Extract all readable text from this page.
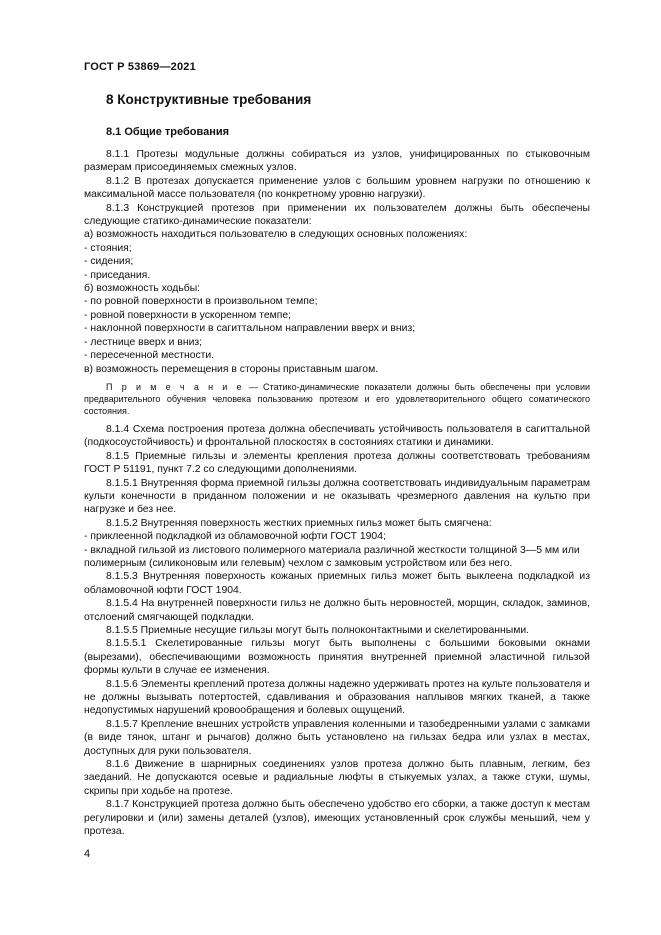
ГОСТ Р 53869—2021
8 Конструктивные требования
8.1 Общие требования

8.1.1 Протезы модульные должны собираться из узлов, унифицированных по стыковочным размерам присоединяемых смежных узлов.

8.1.2 В протезах допускается применение узлов с большим уровнем нагрузки по отношению к максимальной массе пользователя (по конкретному уровню нагрузки).

8.1.3 Конструкцией протезов при применении их пользователем должны быть обеспечены следующие статико-динамические показатели:

а) возможность находиться пользователю в следующих основных положениях:

- стояния;

- сидения;

- приседания.

б) возможность ходьбы:

- по ровной поверхности в произвольном темпе;

- ровной поверхности в ускоренном темпе;

- наклонной поверхности в сагиттальном направлении вверх и вниз;

- лестнице вверх и вниз;

- пересеченной местности.

в) возможность перемещения в стороны приставным шагом.

П р и м е ч а н и е — Статико-динамические показатели должны быть обеспечены при условии предварительного обучения человека пользованию протезом и его удовлетворительного общего соматического состояния.

8.1.4 Схема построения протеза должна обеспечивать устойчивость пользователя в сагиттальной (подкосоустойчивость) и фронтальной плоскостях в состояниях статики и динамики.

8.1.5 Приемные гильзы и элементы крепления протеза должны соответствовать требованиям ГОСТ Р 51191, пункт 7.2 со следующими дополнениями.

8.1.5.1 Внутренняя форма приемной гильзы должна соответствовать индивидуальным параметрам культи конечности в приданном положении и не оказывать чрезмерного давления на культю при нагрузке и без нее.

8.1.5.2 Внутренняя поверхность жестких приемных гильз может быть смягчена:

- приклеенной подкладкой из обламовочной юфти ГОСТ 1904;

- вкладной гильзой из листового полимерного материала различной жесткости толщиной 3—5 мм или полимерным (силиконовым или гелевым) чехлом с замковым устройством или без него.

8.1.5.3 Внутренняя поверхность кожаных приемных гильз может быть выклеена подкладкой из обламовочной юфти ГОСТ 1904.

8.1.5.4 На внутренней поверхности гильз не должно быть неровностей, морщин, складок, заминов, отслоений смягчающей подкладки.

8.1.5.5 Приемные несущие гильзы могут быть полноконтактными и скелетированными.

8.1.5.5.1 Скелетированные гильзы могут быть выполнены с большими боковыми окнами (вырезами), обеспечивающими возможность принятия внутренней приемной эластичной гильзой формы культи в случае ее изменения.

8.1.5.6 Элементы креплений протеза должны надежно удерживать протез на культе пользователя и не должны вызывать потертостей, сдавливания и образования наплывов мягких тканей, а также недопустимых нарушений кровообращения и болевых ощущений.

8.1.5.7 Крепление внешних устройств управления коленными и тазобедренными узлами с замками (в виде тянок, штанг и рычагов) должно быть установлено на гильзах бедра или узлах в местах, доступных для руки пользователя.

8.1.6 Движение в шарнирных соединениях узлов протеза должно быть плавным, легким, без заеданий. Не допускаются осевые и радиальные люфты в стыкуемых узлах, а также стуки, шумы, скрипы при ходьбе на протезе.

8.1.7 Конструкцией протеза должно быть обеспечено удобство его сборки, а также доступ к местам регулировки и (или) замены деталей (узлов), имеющих установленный срок службы меньший, чем у протеза.

4
